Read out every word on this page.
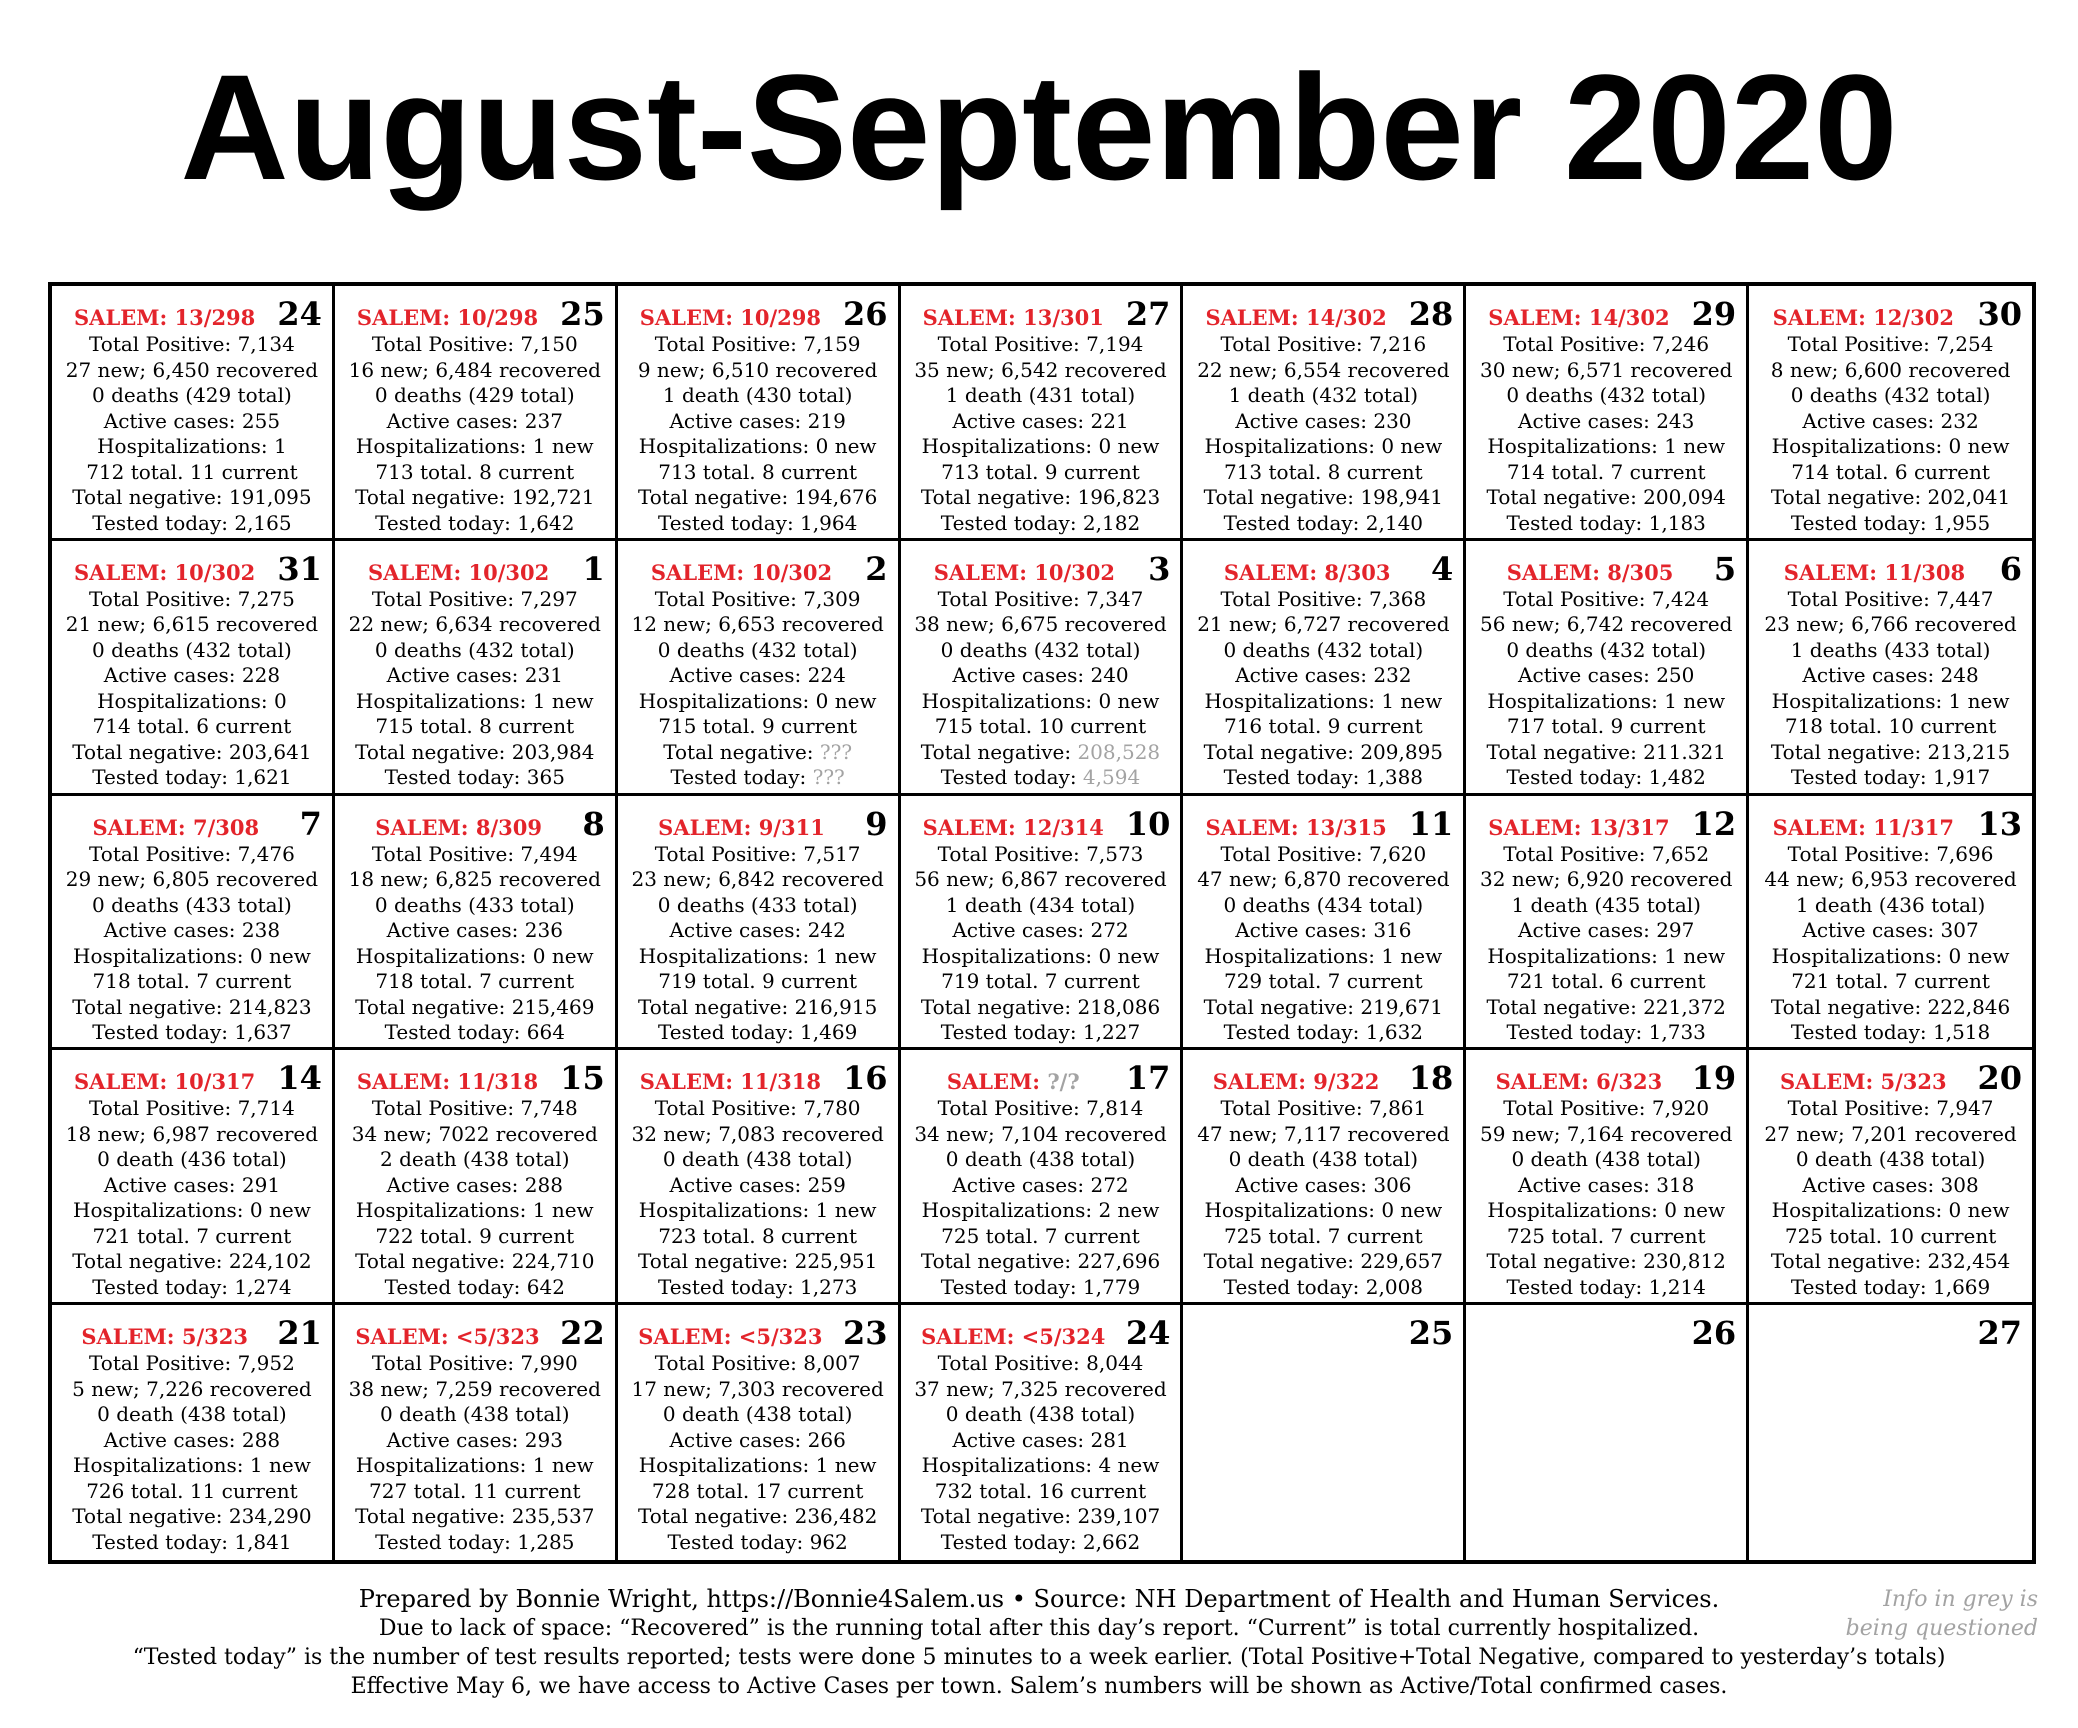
August-September 2020
SALEM: 13/298 24
Total Positive: 7,134
27 new; 6,450 recovered
0 deaths (429 total)
Active cases: 255
Hospitalizations: 1
712 total. 11 current
Total negative: 191,095
Tested today: 2,165
SALEM: 10/298 25
Total Positive: 7,150
16 new; 6,484 recovered
0 deaths (429 total)
Active cases: 237
Hospitalizations: 1 new
713 total. 8 current
Total negative: 192,721
Tested today: 1,642
SALEM: 10/298 26
Total Positive: 7,159
9 new; 6,510 recovered
1 death (430 total)
Active cases: 219
Hospitalizations: 0 new
713 total. 8 current
Total negative: 194,676
Tested today: 1,964
SALEM: 13/301 27
Total Positive: 7,194
35 new; 6,542 recovered
1 death (431 total)
Active cases: 221
Hospitalizations: 0 new
713 total. 9 current
Total negative: 196,823
Tested today: 2,182
SALEM: 14/302 28
Total Positive: 7,216
22 new; 6,554 recovered
1 death (432 total)
Active cases: 230
Hospitalizations: 0 new
713 total. 8 current
Total negative: 198,941
Tested today: 2,140
SALEM: 14/302 29
Total Positive: 7,246
30 new; 6,571 recovered
0 deaths (432 total)
Active cases: 243
Hospitalizations: 1 new
714 total. 7 current
Total negative: 200,094
Tested today: 1,183
SALEM: 12/302 30
Total Positive: 7,254
8 new; 6,600 recovered
0 deaths (432 total)
Active cases: 232
Hospitalizations: 0 new
714 total. 6 current
Total negative: 202,041
Tested today: 1,955
SALEM: 10/302 31
Total Positive: 7,275
21 new; 6,615 recovered
0 deaths (432 total)
Active cases: 228
Hospitalizations: 0
714 total. 6 current
Total negative: 203,641
Tested today: 1,621
SALEM: 10/302	1
Total Positive: 7,297
22 new; 6,634 recovered
0 deaths (432 total)
Active cases: 231
Hospitalizations: 1 new
715 total. 8 current
Total negative: 203,984
Tested today: 365
SALEM: 10/302	2
Total Positive: 7,309
12 new; 6,653 recovered
0 deaths (432 total)
Active cases: 224
Hospitalizations: 0 new
715 total. 9 current
Total negative: ???
Tested today: ???
SALEM: 10/302	3
Total Positive: 7,347
38 new; 6,675 recovered
0 deaths (432 total)
Active cases: 240
Hospitalizations: 0 new
715 total. 10 current
Total negative: 208,528
Tested today: 4,594
SALEM: 8/303	4
Total Positive: 7,368
21 new; 6,727 recovered
0 deaths (432 total)
Active cases: 232
Hospitalizations: 1 new
716 total. 9 current
Total negative: 209,895
Tested today: 1,388
SALEM: 8/305	5
Total Positive: 7,424
56 new; 6,742 recovered
0 deaths (432 total)
Active cases: 250
Hospitalizations: 1 new
717 total. 9 current
Total negative: 211.321
Tested today: 1,482
SALEM: 11/308	6
Total Positive: 7,447
23 new; 6,766 recovered
1 deaths (433 total)
Active cases: 248
Hospitalizations: 1 new
718 total. 10 current
Total negative: 213,215
Tested today: 1,917
SALEM: 7/308	7
Total Positive: 7,476
29 new; 6,805 recovered
0 deaths (433 total)
Active cases: 238
Hospitalizations: 0 new
718 total. 7 current
Total negative: 214,823
Tested today: 1,637
SALEM: 8/309	8
Total Positive: 7,494
18 new; 6,825 recovered
0 deaths (433 total)
Active cases: 236
Hospitalizations: 0 new
718 total. 7 current
Total negative: 215,469
Tested today: 664
SALEM: 9/311	9
Total Positive: 7,517
23 new; 6,842 recovered
0 deaths (433 total)
Active cases: 242
Hospitalizations: 1 new
719 total. 9 current
Total negative: 216,915
Tested today: 1,469
SALEM: 12/314 10
Total Positive: 7,573
56 new; 6,867 recovered
1 death (434 total)
Active cases: 272
Hospitalizations: 0 new
719 total. 7 current
Total negative: 218,086
Tested today: 1,227
SALEM: 13/315 11
Total Positive: 7,620
47 new; 6,870 recovered
0 deaths (434 total)
Active cases: 316
Hospitalizations: 1 new
729 total. 7 current
Total negative: 219,671
Tested today: 1,632
SALEM: 13/317 12
Total Positive: 7,652
32 new; 6,920 recovered
1 death (435 total)
Active cases: 297
Hospitalizations: 1 new
721 total. 6 current
Total negative: 221,372
Tested today: 1,733
SALEM: 11/317 13
Total Positive: 7,696
44 new; 6,953 recovered
1 death (436 total)
Active cases: 307
Hospitalizations: 0 new
721 total. 7 current
Total negative: 222,846
Tested today: 1,518
SALEM: 10/317 14
Total Positive: 7,714
18 new; 6,987 recovered
0 death (436 total)
Active cases: 291
Hospitalizations: 0 new
721 total. 7 current
Total negative: 224,102
Tested today: 1,274
SALEM: 11/318 15
Total Positive: 7,748
34 new; 7022 recovered
2 death (438 total)
Active cases: 288
Hospitalizations: 1 new
722 total. 9 current
Total negative: 224,710
Tested today: 642
SALEM: 11/318 16
Total Positive: 7,780
32 new; 7,083 recovered
0 death (438 total)
Active cases: 259
Hospitalizations: 1 new
723 total. 8 current
Total negative: 225,951
Tested today: 1,273
SALEM: ?/?	17
Total Positive: 7,814
34 new; 7,104 recovered
0 death (438 total)
Active cases: 272
Hospitalizations: 2 new
725 total. 7 current
Total negative: 227,696
Tested today: 1,779
SALEM: 9/322 18
Total Positive: 7,861
47 new; 7,117 recovered
0 death (438 total)
Active cases: 306
Hospitalizations: 0 new
725 total. 7 current
Total negative: 229,657
Tested today: 2,008
SALEM: 6/323 19
Total Positive: 7,920
59 new; 7,164 recovered
0 death (438 total)
Active cases: 318
Hospitalizations: 0 new
725 total. 7 current
Total negative: 230,812
Tested today: 1,214
SALEM: 5/323 20
Total Positive: 7,947
27 new; 7,201 recovered
0 death (438 total)
Active cases: 308
Hospitalizations: 0 new
725 total. 10 current
Total negative: 232,454
Tested today: 1,669
SALEM: 5/323 21
Total Positive: 7,952
5 new; 7,226 recovered
0 death (438 total)
Active cases: 288
Hospitalizations: 1 new
726 total. 11 current
Total negative: 234,290
Tested today: 1,841
SALEM: <5/323 22
Total Positive: 7,990
38 new; 7,259 recovered
0 death (438 total)
Active cases: 293
Hospitalizations: 1 new
727 total. 11 current
Total negative: 235,537
Tested today: 1,285
SALEM: <5/323 23
Total Positive: 8,007
17 new; 7,303 recovered
0 death (438 total)
Active cases: 266
Hospitalizations: 1 new
728 total. 17 current
Total negative: 236,482
Tested today: 962
SALEM: <5/324 24
Total Positive: 8,044
37 new; 7,325 recovered
0 death (438 total)
Active cases: 281
Hospitalizations: 4 new
732 total. 16 current
Total negative: 239,107
Tested today: 2,662
25	26	27
Prepared by Bonnie Wright, https://Bonnie4Salem.us • Source: NH Department of Health and Human Services.
Due to lack of space: “Recovered” is the running total after this day’s report. “Current” is total currently hospitalized.
“Tested today” is the number of test results reported; tests were done 5 minutes to a week earlier. (Total Positive+Total Negative, compared to yesterday’s totals)
Effective May 6, we have access to Active Cases per town. Salem’s numbers will be shown as Active/Total confirmed cases.
Info in grey is
being questioned
